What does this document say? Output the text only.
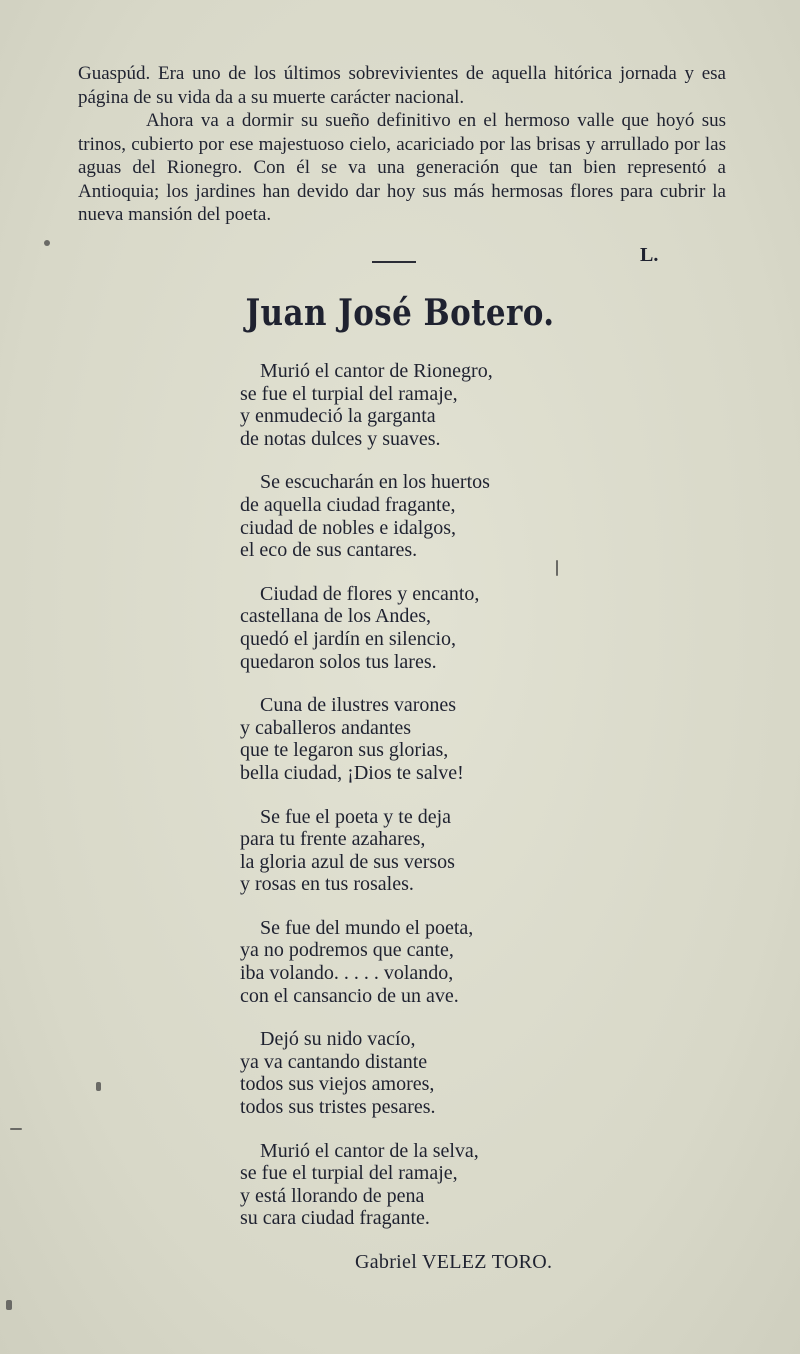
Guaspúd. Era uno de los últimos sobrevivientes de aquella hitórica jornada y esa página de su vida da a su muerte carácter nacional.

Ahora va a dormir su sueño definitivo en el hermoso valle que hoyó sus trinos, cubierto por ese majestuoso cielo, acariciado por las brisas y arrullado por las aguas del Rionegro. Con él se va una generación que tan bien representó a Antioquia; los jardines han devido dar hoy sus más hermosas flores para cubrir la nueva mansión del poeta.

L.
Juan José Botero.
Murió el cantor de Rionegro,
se fue el turpial del ramaje,
y enmudeció la garganta
de notas dulces y suaves.
Se escucharán en los huertos
de aquella ciudad fragante,
ciudad de nobles e idalgos,
el eco de sus cantares.
Ciudad de flores y encanto,
castellana de los Andes,
quedó el jardín en silencio,
quedaron solos tus lares.
Cuna de ilustres varones
y caballeros andantes
que te legaron sus glorias,
bella ciudad, ¡Dios te salve!
Se fue el poeta y te deja
para tu frente azahares,
la gloria azul de sus versos
y rosas en tus rosales.
Se fue del mundo el poeta,
ya no podremos que cante,
iba volando. . . . . volando,
con el cansancio de un ave.
Dejó su nido vacío,
ya va cantando distante
todos sus viejos amores,
todos sus tristes pesares.
Murió el cantor de la selva,
se fue el turpial del ramaje,
y está llorando de pena
su cara ciudad fragante.
Gabriel VELEZ TORO.
